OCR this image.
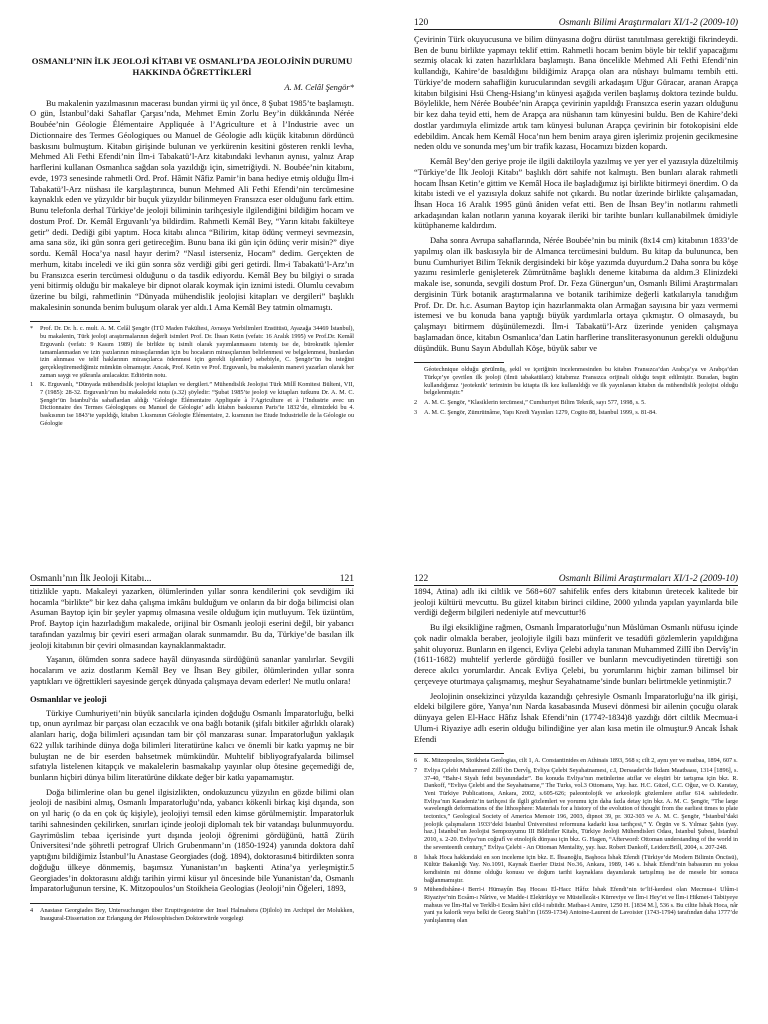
OSMANLI’NIN İLK JEOLOJİ KİTABI VE OSMANLI’DA JEOLOJİNİN DURUMU HAKKINDA ÖĞRETTİKLERİ
A. M. Celâl Şengör*

Bu makalenin yazılmasının macerası bundan yirmi üç yıl önce, 8 Şubat 1985’te başlamıştı. O gün, İstanbul’daki Sahaflar Çarşısı’nda, Mehmet Emin Zorlu Bey’in dükkânında Nérée Boubée’nin Géologie Élémentaire Appliquée à l’Agriculture et à l’Industrie avec un Dictionnaire des Termes Géologiques ou Manuel de Géologie adlı küçük kitabının dördüncü baskısını bulmuştum. Kitabın girişinde bulunan ve yerkürenin kesitini gösteren renkli levha, Mehmed Ali Fethi Efendi’nin İlm-i Tabakatü’l-Arz kitabındaki levhanın aynısı, yalnız Arap harflerini kullanan Osmanlıca sağdan sola yazıldığı için, simetriğiydi. N. Boubée’nin kitabını, evde, 1973 senesinde rahmetli Ord. Prof. Hâmit Nâfiz Pamir’in bana hediye etmiş olduğu İlm-i Tabakatü’l-Arz nüshası ile karşılaştırınca, bunun Mehmed Ali Fethi Efendi’nin tercümesine kaynaklık eden ve yüzyıldır bir buçuk yüzyıldır bilinmeyen Fransızca eser olduğunu fark ettim. Bunu telefonla derhal Türkiye’de jeoloji biliminin tarihçesiyle ilgilendiğini bildiğim hocam ve dostum Prof. Dr. Kemâl Erguvanlı’ya bildirdim. Rahmetli Kemâl Bey, “Yarın kitabı fakülteye getir” dedi. Dediği gibi yaptım. Hoca kitabı alınca “Bilirim, kitap ödünç vermeyi sevmezsin, ama sana söz, iki gün sonra geri getireceğim. Bunu bana iki gün için ödünç verir misin?” diye sordu. Kemâl Hoca’ya nasıl hayır derim? “Nasıl isterseniz, Hocam” dedim. Gerçekten de merhum, kitabı inceledi ve iki gün sonra söz verdiği gibi geri getirdi. İlm-i Tabakatü’l-Arz’ın bu Fransızca eserin tercümesi olduğunu o da tasdik ediyordu. Kemâl Bey bu bilgiyi o sırada yeni bitirmiş olduğu bir makaleye bir dipnot olarak koymak için iznimi istedi. Olumlu cevabım üzerine bu bilgi, rahmetlinin “Dünyada mühendislik jeolojisi kitapları ve dergileri” başlıklı makalesinin sonunda benim buluşum olarak yer aldı.1 Ama Kemâl Bey tatmin olmamıştı.

* Prof. Dr. Dr. h. c. mult. A. M. Celâl Şengör (İTÜ Maden Fakültesi, Avrasya Yerbilimleri Enstitüsü, Ayazağa 34469 İstanbul), bu makalenin, Türk jeoloji araştırmalarının değerli isimleri Prof. Dr. İhsan Ketin (vefatı: 16 Aralık 1995) ve Prof.Dr. Kemâl Erguvanlı (vefatı: 9 Kasım 1989) ile birlikte üç isimli olarak yayımlanmasını istemiş ise de, bürokratik işlemler tamamlanmadan ve izin yazılarının mirasçılarından için bu hocaların mirasçılarının belirlenmesi ve belgelenmesi, bunlardan izin alınması ve telif haklarının mirasçılarca ödenmesi için gerekli işlemler) sebebiyle, C. Şengör’ün bu isteğini gerçekleştiremediğimiz mümkün olmamıştır. Ancak, Prof. Ketin ve Prof. Erguvanlı, bu makalenin manevi yazarları olarak her zaman saygı ve şükranla anılacaktır. Editörün notu.

1 K. Erguvanlı, “Dünyada mühendislik jeolojisi kitapları ve dergileri.” Mühendislik Jeolojisi Türk Millî Komitesi Bülteni, VII, 7 (1985): 28-32. Erguvanlı’nın bu makaledeki notu (s.32) şöyledir: “Şubat 1985’te jeoloji ve kitapları tutkunu Dr. A. M. C. Şengör’ün İstanbul’da sahaflardan aldığı ‘Géologie Élémentaire Appliquée à l’Agriculture et à l’Industrie avec un Dictionnaire des Termes Géologiques ou Manuel de Géologie’ adlı kitabın baskısının Paris’te 1832’de, elimizdeki bu 4. baskısının ise 1843’te yapıldığı, kitabın 1.kısmının Géologie Élémentaire, 2. kısmının ise Etude Industrielle de la Géologie ou Géologie

120	Osmanlı Bilimi Araştırmaları XI/1-2 (2009-10)

Çevirinin Türk okuyucusuna ve bilim dünyasına doğru dürüst tanıtılması gerektiği fikrindeydi. Ben de bunu birlikte yapmayı teklif ettim. Rahmetli hocam benim böyle bir teklif yapacağımı sezmiş olacak ki zaten hazırlıklara başlamıştı. Bana öncelikle Mehmed Ali Fethi Efendi’nin kullandığı, Kahire’de basıldığını bildiğimiz Arapça olan ara nüshayı bulmamı tembih etti. Türkiye’de modern sahafliğin kurucularından sevgili arkadaşım Uğur Güracar, aranan Arapça kitabın bilgisini Hsü Cheng-Hsiang’ın künyesi aşağıda verilen başlamış doktora tezinde buldu. Böylelikle, hem Nérée Boubée’nin Arapça çevirinin yapıldığı Fransızca eserin yazarı olduğunu bir kez daha teyid etti, hem de Arapça ara nüshanın tam künyesini buldu. Ben de Kahire’deki dostlar yardımıyla elimizde artık tam künyesi bulunan Arapça çevirinin bir fotokopisini elde edebildim. Ancak hem Kemâl Hoca’nın hem benim araya giren işlerimiz projenin gecikmesine neden oldu ve sonunda meş’um bir trafik kazası, Hocamızı bizden kopardı.

Kemâl Bey’den geriye proje ile ilgili daktiloyla yazılmış ve yer yer el yazısıyla düzeltilmiş “Türkiye’de İlk Jeoloji Kitabı” başlıklı dört sahife not kalmıştı. Ben bunları alarak rahmetli hocam İhsan Ketin’e gittim ve Kemâl Hoca ile başladığımız işi birlikte bitirmeyi önerdim. O da kitabı istedi ve el yazısıyla dokuz sahife not çıkardı. Bu notlar üzerinde birlikte çalışamadan, İhsan Hoca 16 Aralık 1995 günü âniden vefat etti. Ben de İhsan Bey’in notlarını rahmetli arkadaşından kalan notların yanına koyarak ileriki bir tarihte bunları kullanabilmek ümidiyle kütüphaneme kaldırdım.

Daha sonra Avrupa sahaflarında, Nérée Boubée’nin bu minik (8x14 cm) kitabının 1833’de yapılmış olan ilk baskısıyla bir de Almanca tercümesini buldum. Bu kitap da bulununca, ben bunu Cumhuriyet Bilim Teknik dergisindeki bir köşe yazımda duyurdum.2 Daha sonra bu köşe yazımı resimlerle genişleterek Zümrütnâme başlıklı deneme kitabıma da aldım.3 Elinizdeki makale ise, sonunda, sevgili dostum Prof. Dr. Feza Günergun’un, Osmanlı Bilimi Araştırmaları dergisinin Türk botanik araştırmalarına ve botanik tarihimize değerli katkılarıyla tanıdığım Prof. Dr. Dr. h.c. Asuman Baytop için hazırlanmakta olan Armağan sayısına bir yazı vermemi istemesi ve bu konuda bana yaptığı büyük yardımlarla ortaya çıkmıştır. O olmasaydı, bu çalışmayı bitirmem düşünülemezdi. İlm-i Tabakatü’l-Arz üzerinde yeniden çalışmaya başlamadan önce, kitabın Osmanlıca’dan Latin harflerine transliterasyonunun gerekli olduğunu düşündük. Bunu Sayın Abdullah Köşe, büyük sabır ve

Géotechnique olduğu görülmüş, şekil ve içeriğinin incelenmesinden bu kitabın Fransızca’dan Arabça’ya ve Arabça’dan Türkçe’ye çevrilen ilk jeoloji (ilmü tabakatülarz) kitabımız Fransızca orijinali olduğu tespit edilmiştir. Buradan, bugün kullandığımız ‘jeoteknik’ teriminin bu kitapta ilk kez kullanıldığı ve ilk yayınlanan kitabın da mühendislik jeolojisi olduğu belgelenmiştir.”

2 A. M. C. Şengör, “Klasiklerin tercümesi,” Cumhuriyet Bilim Teknik, sayı 577, 1998, s. 5.

3 A. M. C. Şengör, Zümrütnâme, Yapı Kredi Yayınları 1279, Cogito 88, İstanbul 1999, s. 81-84.

Osmanlı’nın İlk Jeoloji Kitabı...	121

titizlikle yaptı. Makaleyi yazarken, ölümlerinden yıllar sonra kendilerini çok sevdiğim iki hocamla “birlikte” bir kez daha çalışma imkânı bulduğum ve onların da bir doğa bilimcisi olan Asuman Baytop için bir şeyler yapmış olmasına vesile olduğum için mutluyum. Tek üzüntüm, Prof. Baytop için hazırladığım makalede, orijinal bir Osmanlı jeoloji eserini değil, bir yabancı tarafından yazılmış bir çeviri eseri armağan olarak sunmamdır. Bu da, Türkiye’de basılan ilk jeoloji kitabının bir çeviri olmasından kaynaklanmaktadır.

Yaşanın, ölümden sonra sadece hayâl dünyasında sürdüğünü sananlar yanılırlar. Sevgili hocalarım ve aziz dostlarım Kemâl Bey ve İhsan Bey gibiler, ölümlerinden yıllar sonra yaptıkları ve öğrettikleri sayesinde gerçek dünyada çalışmaya devam ederler! Ne mutlu onlara!

Osmanlılar ve jeoloji

Türkiye Cumhuriyeti’nin büyük sancılarla içinden doğduğu Osmanlı İmparatorluğu, belki tıp, onun ayrılmaz bir parçası olan eczacılık ve ona bağlı botanik (şifalı bitkiler ağırlıklı olarak) alanları hariç, doğa bilimleri açısından tam bir çöl manzarası sunar. İmparatorluğun yaklaşık 622 yıllık tarihinde dünya doğa bilimleri literatürüne kalıcı ve önemli bir katkı yapmış ne bir buluştan ne de bir eserden bahsetmek mümkündür. Muhtelif bibliyografyalarda bilimsel sıfatıyla listelenen kitapçık ve makalelerin basmakalıp yayınlar olup ötesine geçemediği de, bunların hiçbiri dünya bilim literatürüne dikkate değer bir katkı yapamamıştır.

Doğa bilimlerine olan bu genel ilgisizlikten, ondokuzuncu yüzyılın en gözde bilimi olan jeoloji de nasibini almış, Osmanlı İmparatorluğu’nda, yabancı kökenli birkaç kişi dışında, son on yıl hariç (o da en çok üç kişiyle), jeolojiyi temsil eden kimse görülmemiştir. İmparatorluk tarihi sahnesinden çekilirken, sınırları içinde jeoloji diplomalı tek bir vatandaşı bulunmuyordu. Gayrimüslim tebaa içerisinde yurt dışında jeoloji öğrenimi gördüğünü, hattâ Zürih Üniversitesi’nde şöhretli petrograf Ulrich Grubenmann’ın (1850-1924) yanında doktora dahî yaptığını bildiğimiz İstanbul’lu Anastase Georgiades (doğ. 1894), doktorasını4 bitirdikten sonra doğduğu ülkeye dönmemiş, başımsız Yunanistan’ın başkenti Atina’ya yerleşmiştir.5 Georgiades’in doktorasını aldığı tarihin yirmi küsur yıl öncesinde bile Yunanistan’da, Osmanlı İmparatorluğunun tersine, K. Mitzopoulos’un Stoikheia Geologias (Jeoloji’nin Öğeleri, 1893,

4 Anastase Georgiades Bey, Untersuchungen über Eruptivgesteine der Insel Halmahera (Djilolo) im Archipel der Molukken, Inaugural-Dissertation zur Erlangung der Philosophischen Doktorwürde vorgelegt

122	Osmanlı Bilimi Araştırmaları XI/1-2 (2009-10)

1894, Atina) adlı iki ciltlik ve 568+607 sahifelik enfes ders kitabının üretecek kalitede bir jeoloji kültürü mevcuttu. Bu güzel kitabın birinci cildine, 2000 yılında yapılan yayınlarda bile verdiği değerm bilgileri nedeniyle atıf mevcuttur!6

Bu ilgi eksikliğine rağmen, Osmanlı İmparatorluğu’nun Müslüman Osmanlı nüfusu içinde çok nadir olmakla beraber, jeolojiyle ilgili bazı münferit ve tesadüfi gözlemlerin yapıldığına şahit oluyoruz. Bunların en ilgenci, Evliya Çelebi adıyla tanınan Muhammed Zillî ibn Dervîş’in (1611-1682) muhtelif yerlerde gördüğü fosiller ve bunların mevcudiyetinden türettiği son derece akılcı yorumlardır. Ancak Evliya Çelebi, bu yorumlarını hiçbir zaman bilimsel bir çerçeveye oturtmaya çalışmamış, meşhur Seyahatname’sinde bunları belirtmekle yetinmiştir.7

Jeolojinin onsekizinci yüzyılda kazandığı çehresiyle Osmanlı İmparatorluğu’na ilk girişi, eldeki bilgilere göre, Yanya’nın Narda kasabasında Musevi dönmesi bir ailenin çocuğu olarak dünyaya gelen El-Hacc Hâfız İshak Efendi’nin (1774?-1834)8 yazdığı dört ciltlik Mecmua-i Ulum-i Riyaziye adlı eserin olduğu bilindiğine yer alan kısa metin ile olmuştur.9 Ancak İshak Efendi

6 K. Mitzopoulos, Stoikheia Geologias, cilt 1, A. Constantinides en Athinais 1893, 568 s; cilt 2, aynı yer ve matbaa, 1894, 607 s.

7 Evliya Çelebi Muhammed Zillî ibn Dervîş, Evliya Çelebi Seyahatnamesi, c.I, Dersaadet’de İkdam Maatbaası, 1314 [1896], s. 37-40, “Bahr-i Siyah fethi beyanındadır”. Bu konuda Evliya’nın metinlerine atıflar ve eleştiri bir tartışma için bkz. R. Dankoff, “Evliya Çelebi and the Seyahatname,” The Turks, vol.3 Ottomans, Yay. haz. H.C. Güzel, C.C. Oğuz, ve O. Karatay, Yeni Türkiye Publications, Ankara, 2002, s.605-626; paleontolojik ve arkeolojik gözlemlere atıflar 614. sahifededir. Evliya’nın Karadeniz’in tarihçesi ile ilgili gözlemleri ve yorumu için daha fazla detay için bkz. A. M. C. Şengör, “The large wavelength deformations of the lithosphere: Materials for a history of the evolution of thought from the earliest times to plate tectonics,” Geological Society of America Memoir 196, 2003, dipnot 39, pr. 302-303 ve A. M. C. Şengör, “İstanbul’daki jeolojik çalışmaların 1933’deki İstanbul Üniversitesi reformuna kadarki kısa tarihçesi,” Y. Örgün ve S. Yılmaz Şahin (yay. haz.) İstanbul’un Jeolojisi Sempozyumu III Bildiriler Kitabı, Türkiye Jeoloji Mühendisleri Odası, İstanbul Şubesi, İstanbul 2010, s. 2-20. Evliya’nın coğrafî ve etnolojik dünyası için bkz. G. Hagen, “Afterword: Ottoman understanding of the world in the seventeenth century,” Evliya Çelebi - An Ottoman Mentality, yay. haz. Robert Dankoff, Leiden:Brill, 2004, s. 207-248.

8 İshak Hoca hakkındaki en son inceleme için bkz. E. İhsanoğlu, Başhoca İshak Efendi (Türkiye’de Modern Bilimin Öncüsü), Kültür Bakanlığı Yay. No.1091, Kaynak Eserler Dizisi No.36, Ankara, 1989, 146 s. İshak Efendi’nin babasının mı yoksa kendisinin mi dönme olduğu konusu ve doğum tarihi kaynaklara dayanılarak tartışılmış ise de mesele bir sonuca bağlanmamıştır.

9 Mühendishâne-i Berri-i Hümayûn Baş Hocası El-Hacc Hâfız İshak Efendi’nin te’lif-kerdesi olan Mecmua-i Ulûm-i Riyaziye’nin Ecsâm-ı Nârive, ve Madde-i Elektrikiye ve Müstellezât-ı Kürreviye ve İlm-i Hey’et ve İlm-i Hikmet-i Tabiiyeye mahsus ve İlm-Hal ve Terkîb-i Ecsâm hâvi cild-i rabiidir. Matbaa-i Amire, 1250 H. [1834 M.], 536 s. Bu ciltte İshak Hoca, nâr yani ya kalorik veya belki de Georg Stahl’ın (1659-1734) Antoine-Laurent de Lavoisier (1743-1794) tarafından daha 1777’de yanlışlanmış olan
